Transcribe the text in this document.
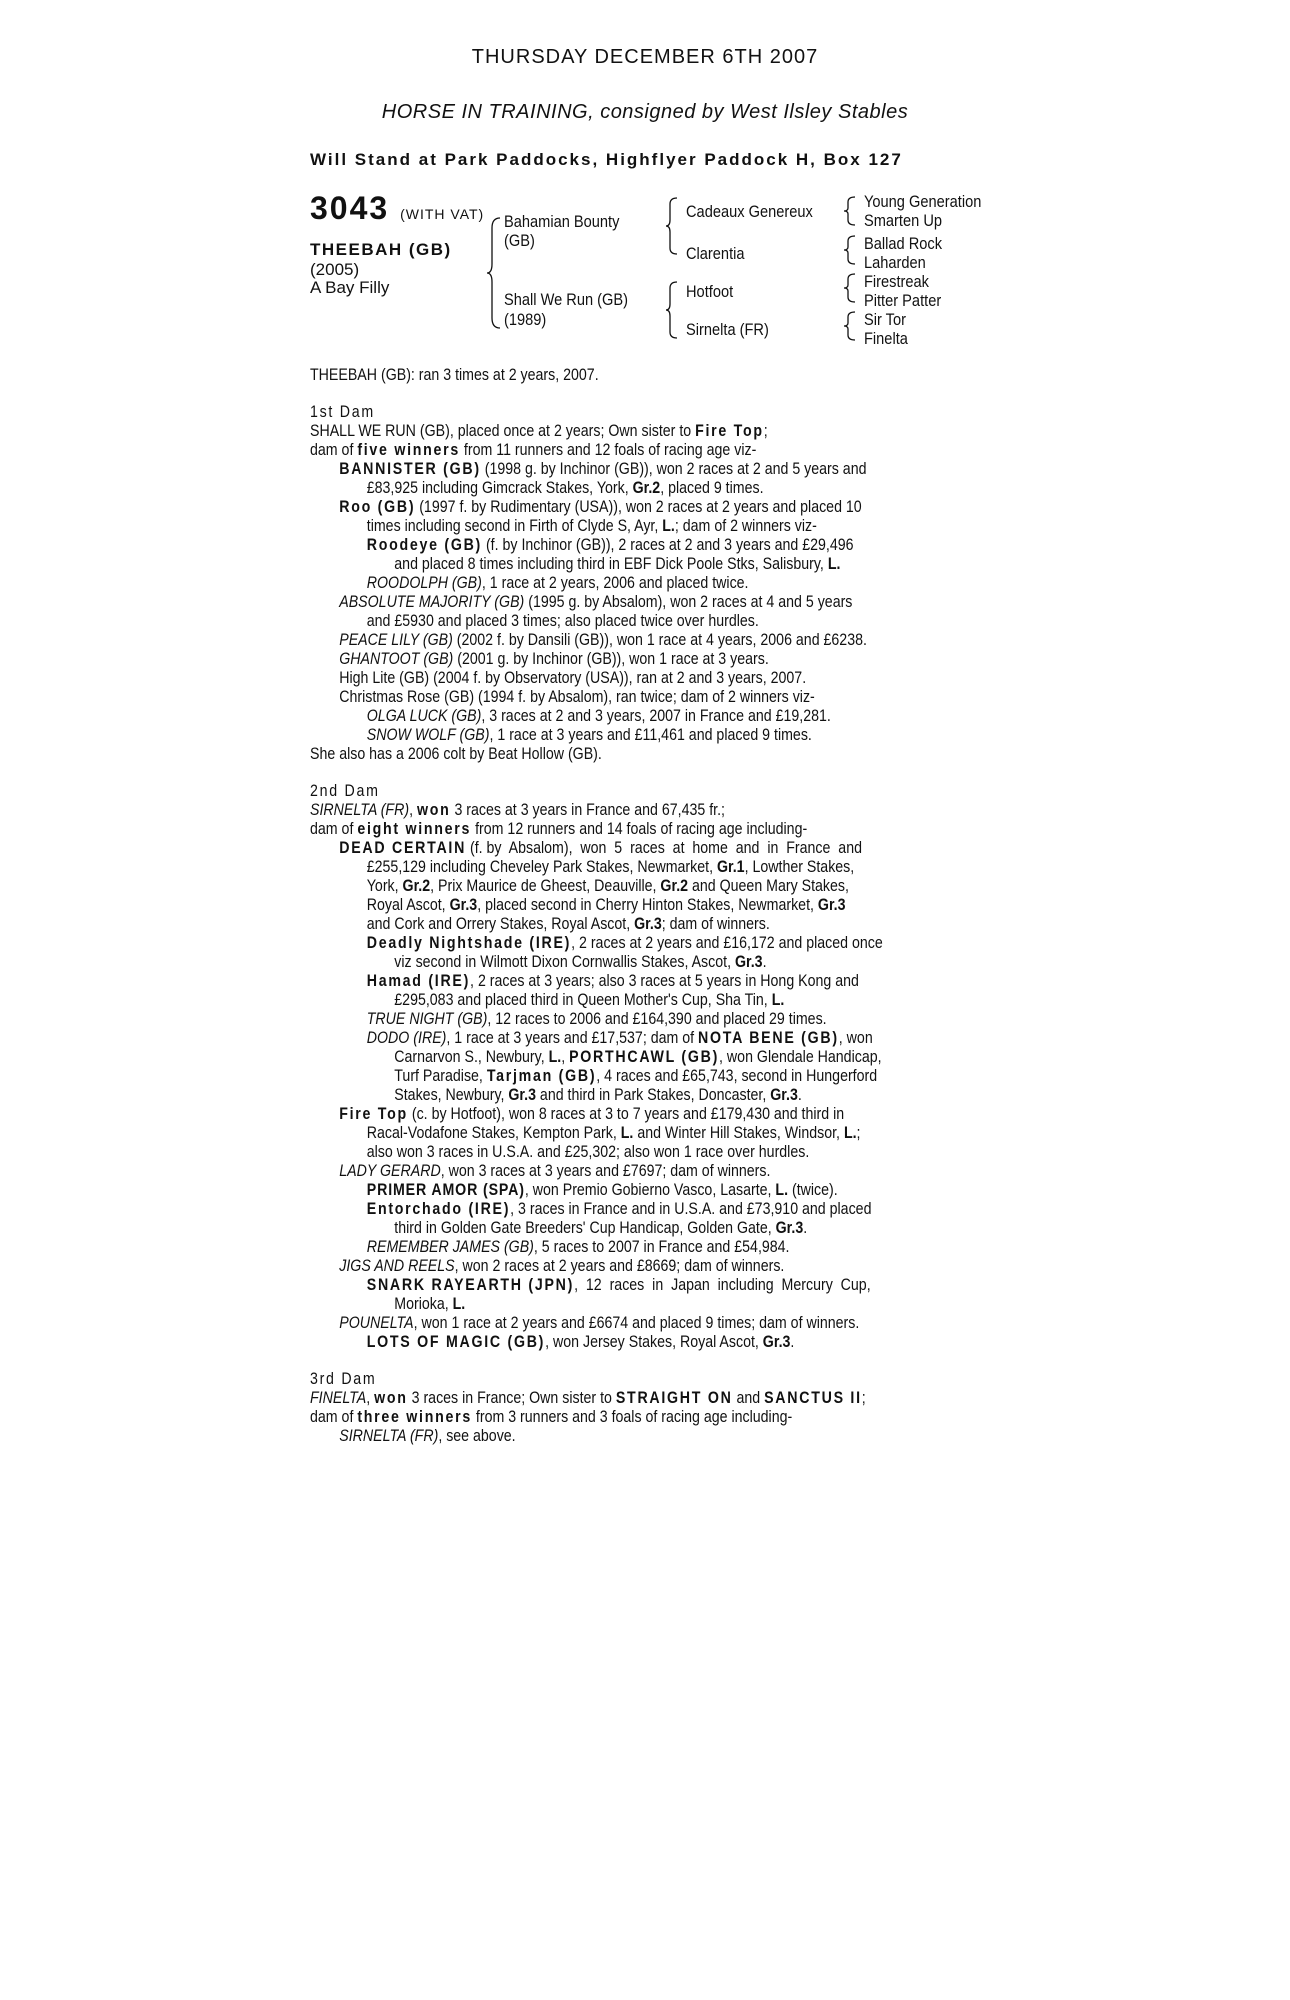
THURSDAY DECEMBER 6TH 2007
HORSE IN TRAINING, consigned by West Ilsley Stables
Will Stand at Park Paddocks, Highflyer Paddock H, Box 127
3043 (WITH VAT)
THEEBAH (GB)
(2005)
A Bay Filly
Bahamian Bounty
(GB)
Shall We Run (GB)
(1989)
Cadeaux Genereux
Clarentia
Hotfoot
Sirnelta (FR)
Young Generation
Smarten Up
Ballad Rock
Laharden
Firestreak
Pitter Patter
Sir Tor
Finelta

THEEBAH (GB): ran 3 times at 2 years, 2007.

1st Dam

SHALL WE RUN (GB), placed once at 2 years; Own sister to Fire Top;

dam of five winners from 11 runners and 12 foals of racing age viz-

BANNISTER (GB) (1998 g. by Inchinor (GB)), won 2 races at 2 and 5 years and

£83,925 including Gimcrack Stakes, York, Gr.2, placed 9 times.

Roo (GB) (1997 f. by Rudimentary (USA)), won 2 races at 2 years and placed 10

times including second in Firth of Clyde S, Ayr, L.; dam of 2 winners viz-

Roodeye (GB) (f. by Inchinor (GB)), 2 races at 2 and 3 years and £29,496

and placed 8 times including third in EBF Dick Poole Stks, Salisbury, L.

ROODOLPH (GB), 1 race at 2 years, 2006 and placed twice.

ABSOLUTE MAJORITY (GB) (1995 g. by Absalom), won 2 races at 4 and 5 years

and £5930 and placed 3 times; also placed twice over hurdles.

PEACE LILY (GB) (2002 f. by Dansili (GB)), won 1 race at 4 years, 2006 and £6238.

GHANTOOT (GB) (2001 g. by Inchinor (GB)), won 1 race at 3 years.

High Lite (GB) (2004 f. by Observatory (USA)), ran at 2 and 3 years, 2007.

Christmas Rose (GB) (1994 f. by Absalom), ran twice; dam of 2 winners viz-

OLGA LUCK (GB), 3 races at 2 and 3 years, 2007 in France and £19,281.

SNOW WOLF (GB), 1 race at 3 years and £11,461 and placed 9 times.

She also has a 2006 colt by Beat Hollow (GB).

2nd Dam

SIRNELTA (FR), won 3 races at 3 years in France and 67,435 fr.;

dam of eight winners from 12 runners and 14 foals of racing age including-

DEAD CERTAIN (f. by  Absalom),  won  5  races  at  home  and  in  France  and

£255,129 including Cheveley Park Stakes, Newmarket, Gr.1, Lowther Stakes,

York, Gr.2, Prix Maurice de Gheest, Deauville, Gr.2 and Queen Mary Stakes,

Royal Ascot, Gr.3, placed second in Cherry Hinton Stakes, Newmarket, Gr.3

and Cork and Orrery Stakes, Royal Ascot, Gr.3; dam of winners.

Deadly Nightshade (IRE), 2 races at 2 years and £16,172 and placed once

viz second in Wilmott Dixon Cornwallis Stakes, Ascot, Gr.3.

Hamad (IRE), 2 races at 3 years; also 3 races at 5 years in Hong Kong and

£295,083 and placed third in Queen Mother's Cup, Sha Tin, L.

TRUE NIGHT (GB), 12 races to 2006 and £164,390 and placed 29 times.

DODO (IRE), 1 race at 3 years and £17,537; dam of NOTA BENE (GB), won

Carnarvon S., Newbury, L., PORTHCAWL (GB), won Glendale Handicap,

Turf Paradise, Tarjman (GB), 4 races and £65,743, second in Hungerford

Stakes, Newbury, Gr.3 and third in Park Stakes, Doncaster, Gr.3.

Fire Top (c. by Hotfoot), won 8 races at 3 to 7 years and £179,430 and third in

Racal-Vodafone Stakes, Kempton Park, L. and Winter Hill Stakes, Windsor, L.;

also won 3 races in U.S.A. and £25,302; also won 1 race over hurdles.

LADY GERARD, won 3 races at 3 years and £7697; dam of winners.

PRIMER AMOR (SPA), won Premio Gobierno Vasco, Lasarte, L. (twice).

Entorchado (IRE), 3 races in France and in U.S.A. and £73,910 and placed

third in Golden Gate Breeders' Cup Handicap, Golden Gate, Gr.3.

REMEMBER JAMES (GB), 5 races to 2007 in France and £54,984.

JIGS AND REELS, won 2 races at 2 years and £8669; dam of winners.

SNARK RAYEARTH (JPN),  12  races  in  Japan  including  Mercury  Cup,

Morioka, L.

POUNELTA, won 1 race at 2 years and £6674 and placed 9 times; dam of winners.

LOTS OF MAGIC (GB), won Jersey Stakes, Royal Ascot, Gr.3.

3rd Dam

FINELTA, won 3 races in France; Own sister to STRAIGHT ON and SANCTUS II;

dam of three winners from 3 runners and 3 foals of racing age including-

SIRNELTA (FR), see above.
